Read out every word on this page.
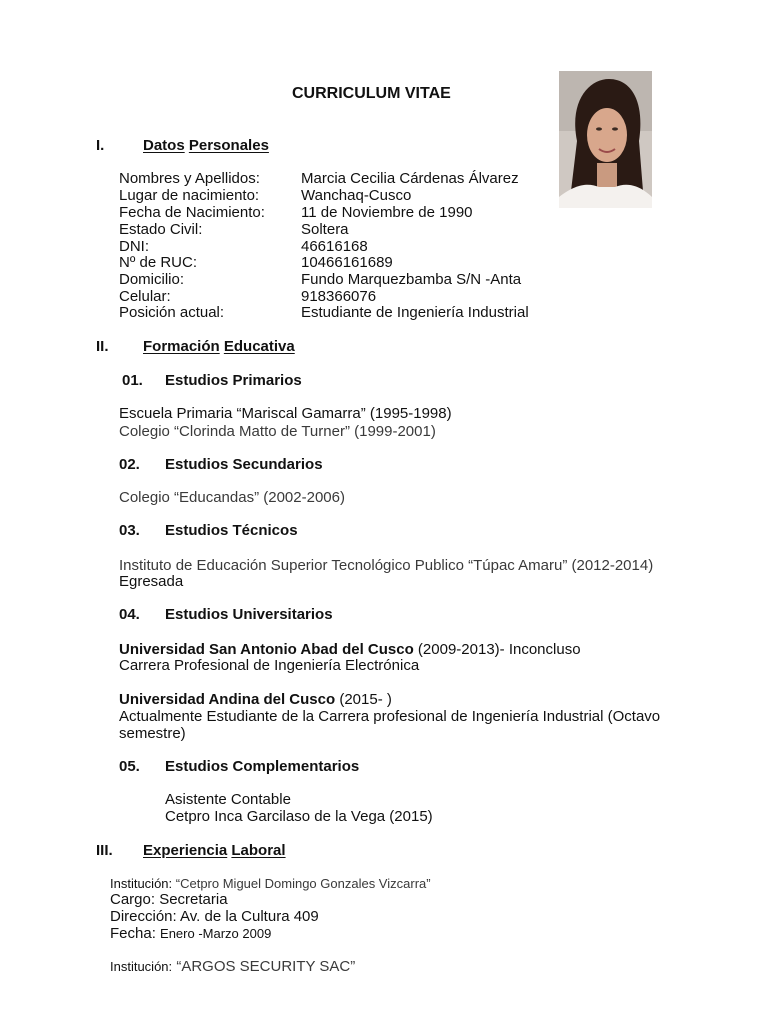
CURRICULUM VITAE
I.	Datos Personales
Nombres y Apellidos:	Marcia Cecilia Cárdenas Álvarez
Lugar de nacimiento:	Wanchaq-Cusco
Fecha de Nacimiento: 11 de Noviembre de 1990
Estado Civil:	Soltera
DNI:	46616168
Nº de RUC:	10466161689
Domicilio:	Fundo Marquezbamba S/N -Anta
Celular:	918366076
Posición actual:	Estudiante de Ingeniería Industrial
II. Formación Educativa
01. Estudios Primarios
Escuela Primaria “Mariscal Gamarra” (1995-1998)
Colegio “Clorinda Matto de Turner” (1999-2001)
02. Estudios Secundarios
Colegio “Educandas” (2002-2006)
03. Estudios Técnicos
Instituto de Educación Superior Tecnológico Publico “Túpac Amaru” (2012-2014)
Egresada
04. Estudios Universitarios
Universidad San Antonio Abad del Cusco (2009-2013)- Inconcluso
Carrera Profesional de Ingeniería Electrónica
Universidad Andina del Cusco (2015- )
Actualmente Estudiante de la Carrera profesional de Ingeniería Industrial (Octavo
semestre)
05. Estudios Complementarios
Asistente Contable
Cetpro Inca Garcilaso de la Vega (2015)
III. Experiencia Laboral
Institución: “Cetpro Miguel Domingo Gonzales Vizcarra”
Cargo: Secretaria
Dirección: Av. de la Cultura 409
Fecha: Enero -Marzo 2009
Institución: “ARGOS SECURITY SAC”
